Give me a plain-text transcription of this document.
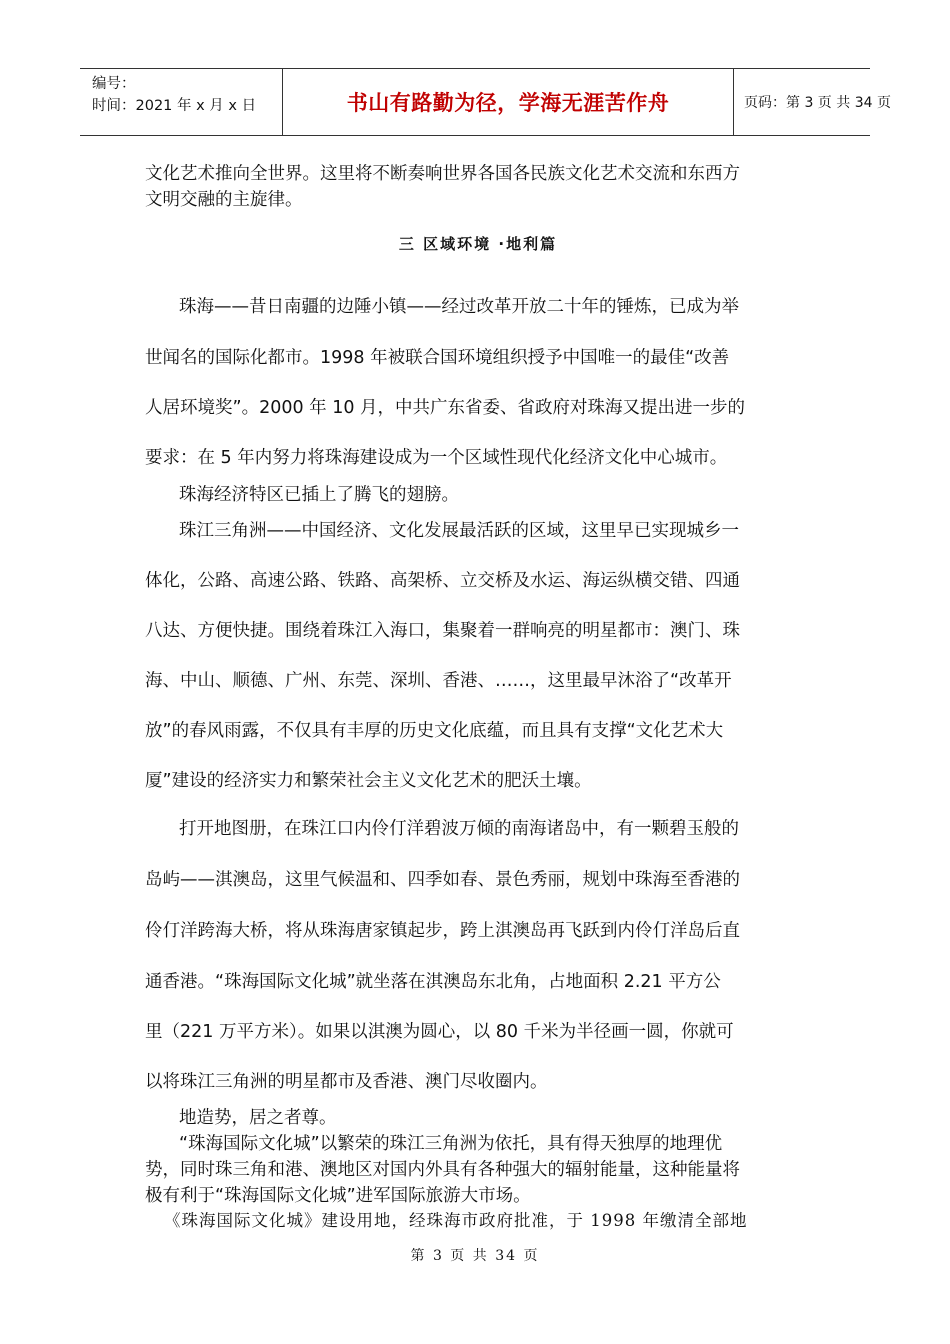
编号：
时间：2021 年 x 月 x 日	书山有路勤为径，学海无涯苦作舟	页码：第 3 页 共 34 页

文化艺术推向全世界。这里将不断奏响世界各国各民族文化艺术交流和东西方

文明交融的主旋律。

三 区域环境 ·地利篇

珠海——昔日南疆的边陲小镇——经过改革开放二十年的锤炼，已成为举

世闻名的国际化都市。1998 年被联合国环境组织授予中国唯一的最佳“改善

人居环境奖”。2000 年 10 月，中共广东省委、省政府对珠海又提出进一步的

要求：在 5 年内努力将珠海建设成为一个区域性现代化经济文化中心城市。

珠海经济特区已插上了腾飞的翅膀。

珠江三角洲——中国经济、文化发展最活跃的区域，这里早已实现城乡一

体化，公路、高速公路、铁路、高架桥、立交桥及水运、海运纵横交错、四通

八达、方便快捷。围绕着珠江入海口，集聚着一群响亮的明星都市：澳门、珠

海、中山、顺德、广州、东莞、深圳、香港、……，这里最早沐浴了“改革开

放”的春风雨露，不仅具有丰厚的历史文化底蕴，而且具有支撑“文化艺术大

厦”建设的经济实力和繁荣社会主义文化艺术的肥沃土壤。

打开地图册，在珠江口内伶仃洋碧波万倾的南海诸岛中，有一颗碧玉般的

岛屿——淇澳岛，这里气候温和、四季如春、景色秀丽，规划中珠海至香港的

伶仃洋跨海大桥，将从珠海唐家镇起步，跨上淇澳岛再飞跃到内伶仃洋岛后直

通香港。“珠海国际文化城”就坐落在淇澳岛东北角，占地面积 2.21 平方公

里（221 万平方米）。如果以淇澳为圆心，以 80 千米为半径画一圆，你就可

以将珠江三角洲的明星都市及香港、澳门尽收圈内。

地造势，居之者尊。

“珠海国际文化城”以繁荣的珠江三角洲为依托，具有得天独厚的地理优

势，同时珠三角和港、澳地区对国内外具有各种强大的辐射能量，这种能量将

极有利于“珠海国际文化城”进军国际旅游大市场。

《珠海国际文化城》建设用地，经珠海市政府批准，于 1998 年缴清全部地

第 3 页 共 34 页
